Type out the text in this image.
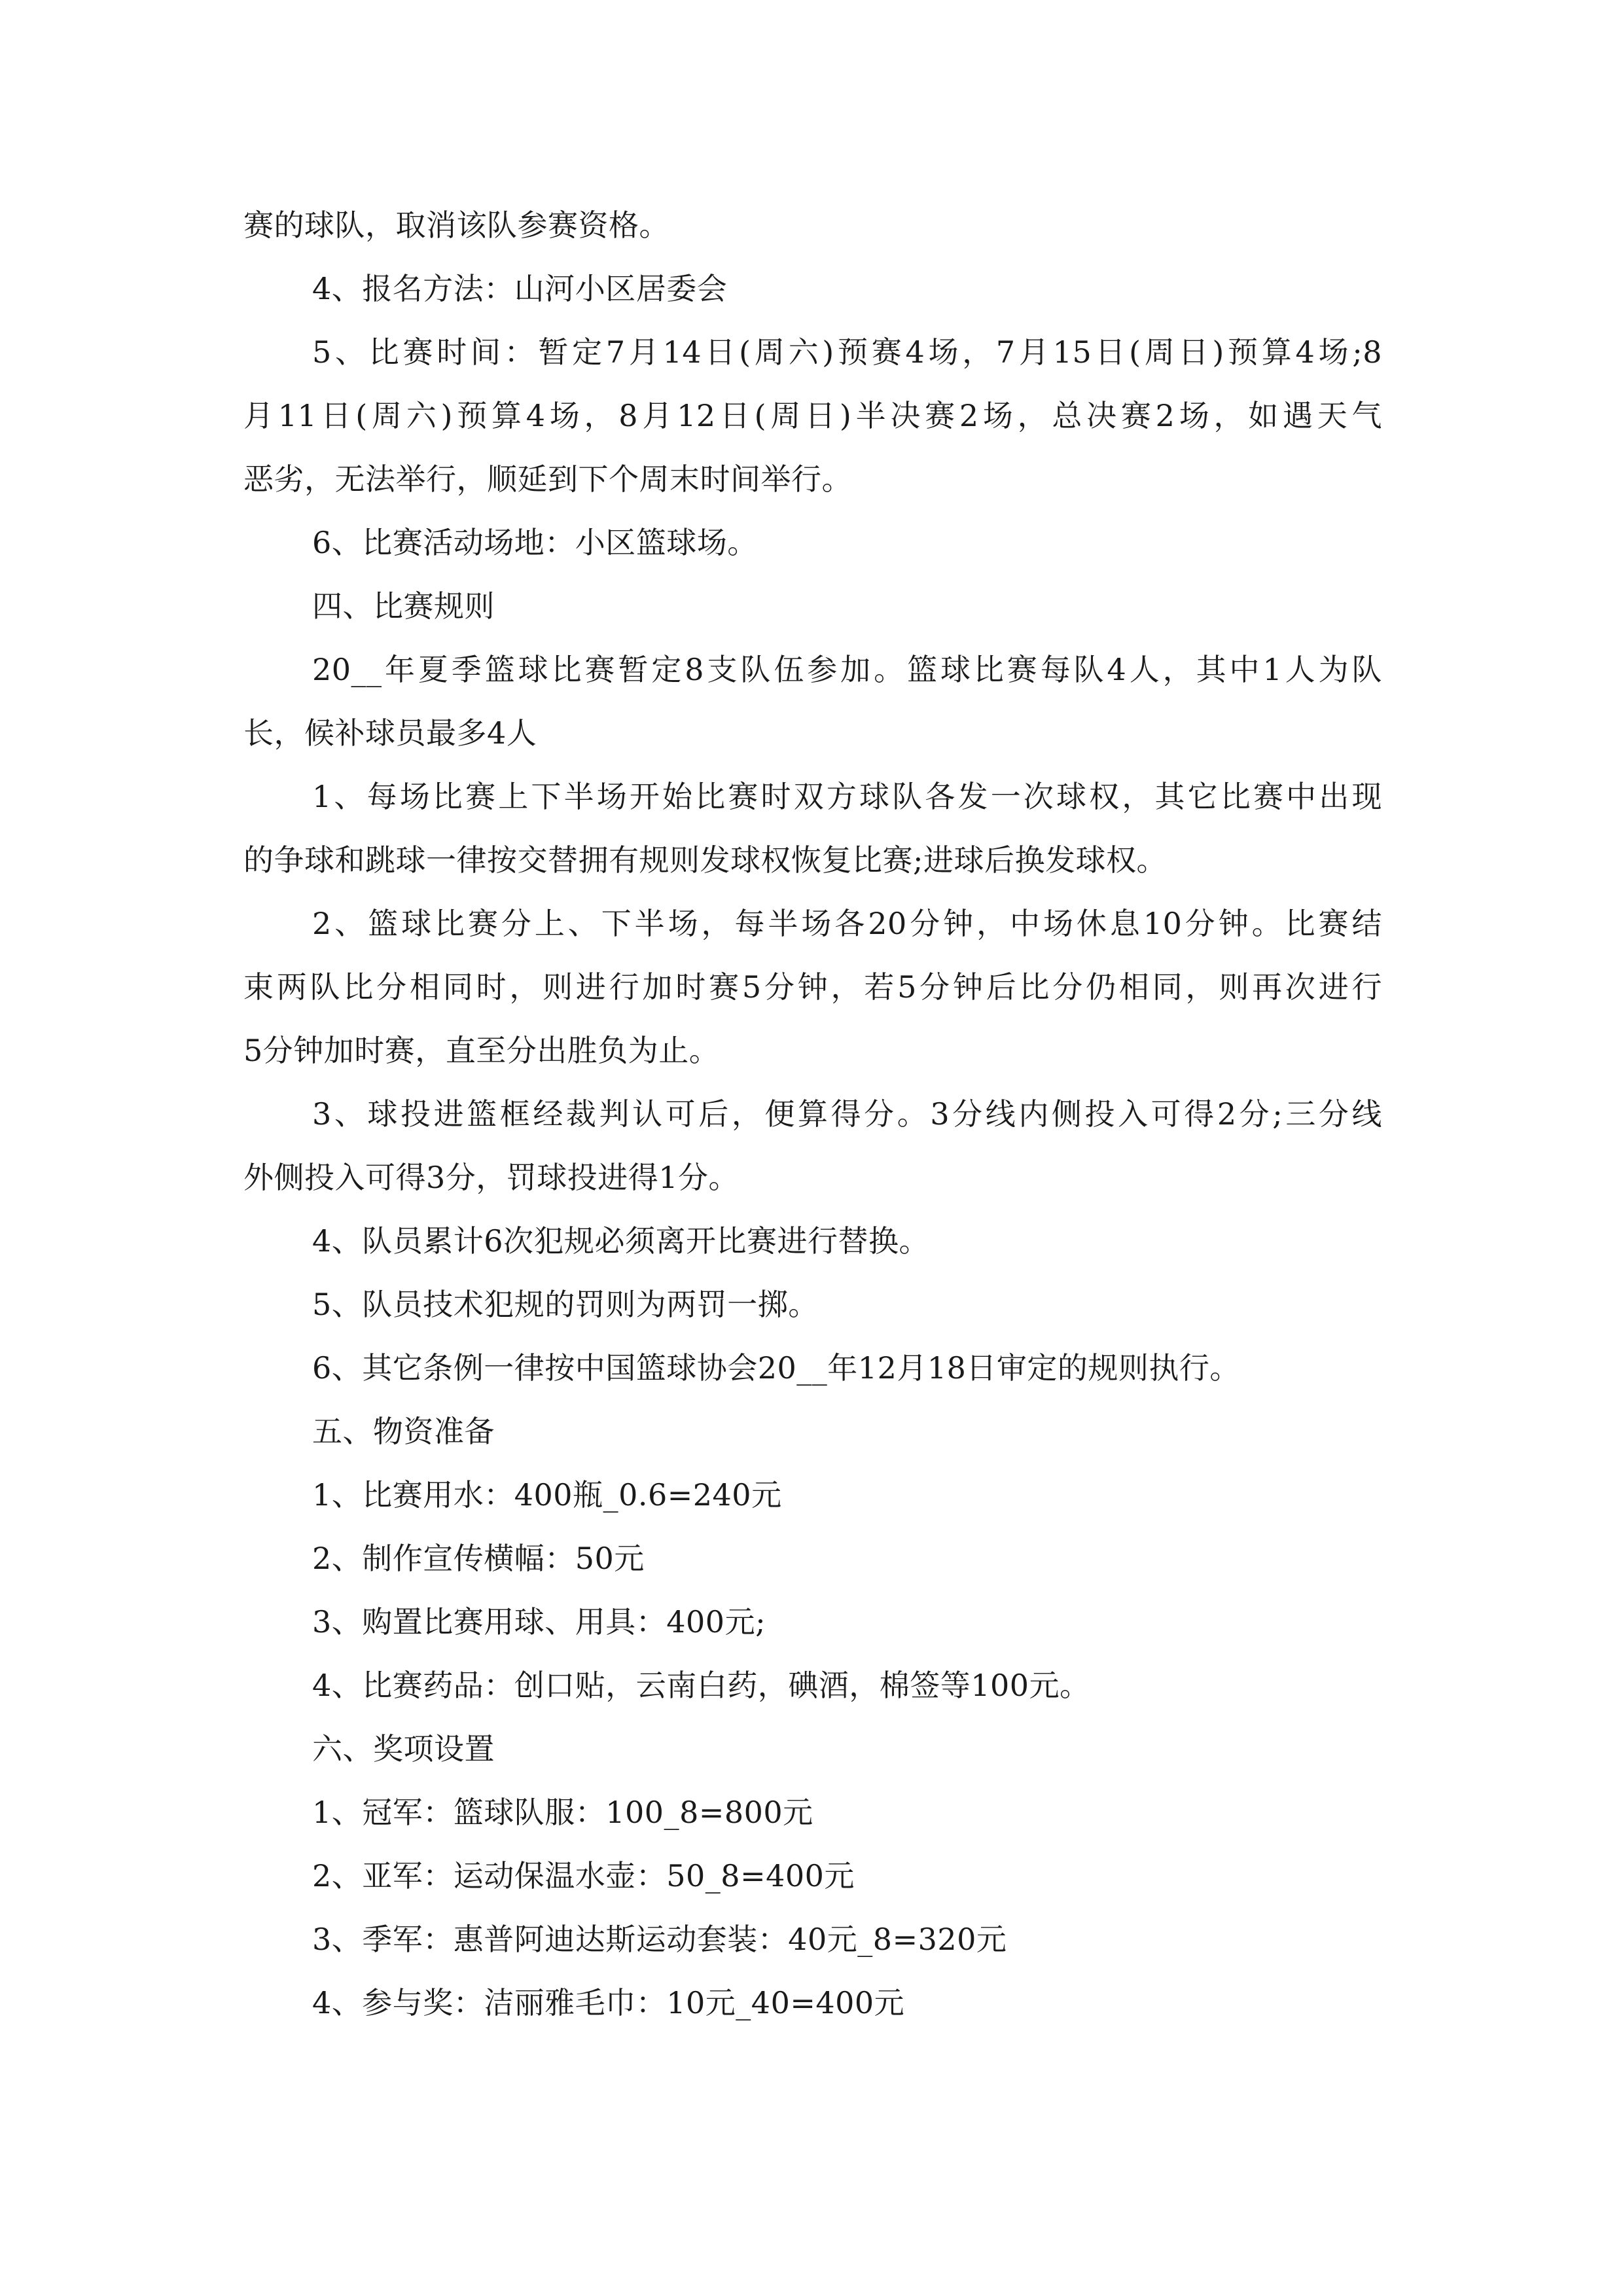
赛的球队，取消该队参赛资格。
4、报名方法：山河小区居委会
5、比赛时间：暂定7月14日(周六)预赛4场，7月15日(周日)预算4场;8
月11日(周六)预算4场，8月12日(周日)半决赛2场，总决赛2场，如遇天气
恶劣，无法举行，顺延到下个周末时间举行。
6、比赛活动场地：小区篮球场。
四、比赛规则
20__年夏季篮球比赛暂定8支队伍参加。篮球比赛每队4人，其中1人为队
长，候补球员最多4人
1、每场比赛上下半场开始比赛时双方球队各发一次球权，其它比赛中出现
的争球和跳球一律按交替拥有规则发球权恢复比赛;进球后换发球权。
2、篮球比赛分上、下半场，每半场各20分钟，中场休息10分钟。比赛结
束两队比分相同时，则进行加时赛5分钟，若5分钟后比分仍相同，则再次进行
5分钟加时赛，直至分出胜负为止。
3、球投进篮框经裁判认可后，便算得分。3分线内侧投入可得2分;三分线
外侧投入可得3分，罚球投进得1分。
4、队员累计6次犯规必须离开比赛进行替换。
5、队员技术犯规的罚则为两罚一掷。
6、其它条例一律按中国篮球协会20__年12月18日审定的规则执行。
五、物资准备
1、比赛用水：400瓶_0.6=240元
2、制作宣传横幅：50元
3、购置比赛用球、用具：400元;
4、比赛药品：创口贴，云南白药，碘酒，棉签等100元。
六、奖项设置
1、冠军：篮球队服：100_8=800元
2、亚军：运动保温水壶：50_8=400元
3、季军：惠普阿迪达斯运动套装：40元_8=320元
4、参与奖：洁丽雅毛巾：10元_40=400元
